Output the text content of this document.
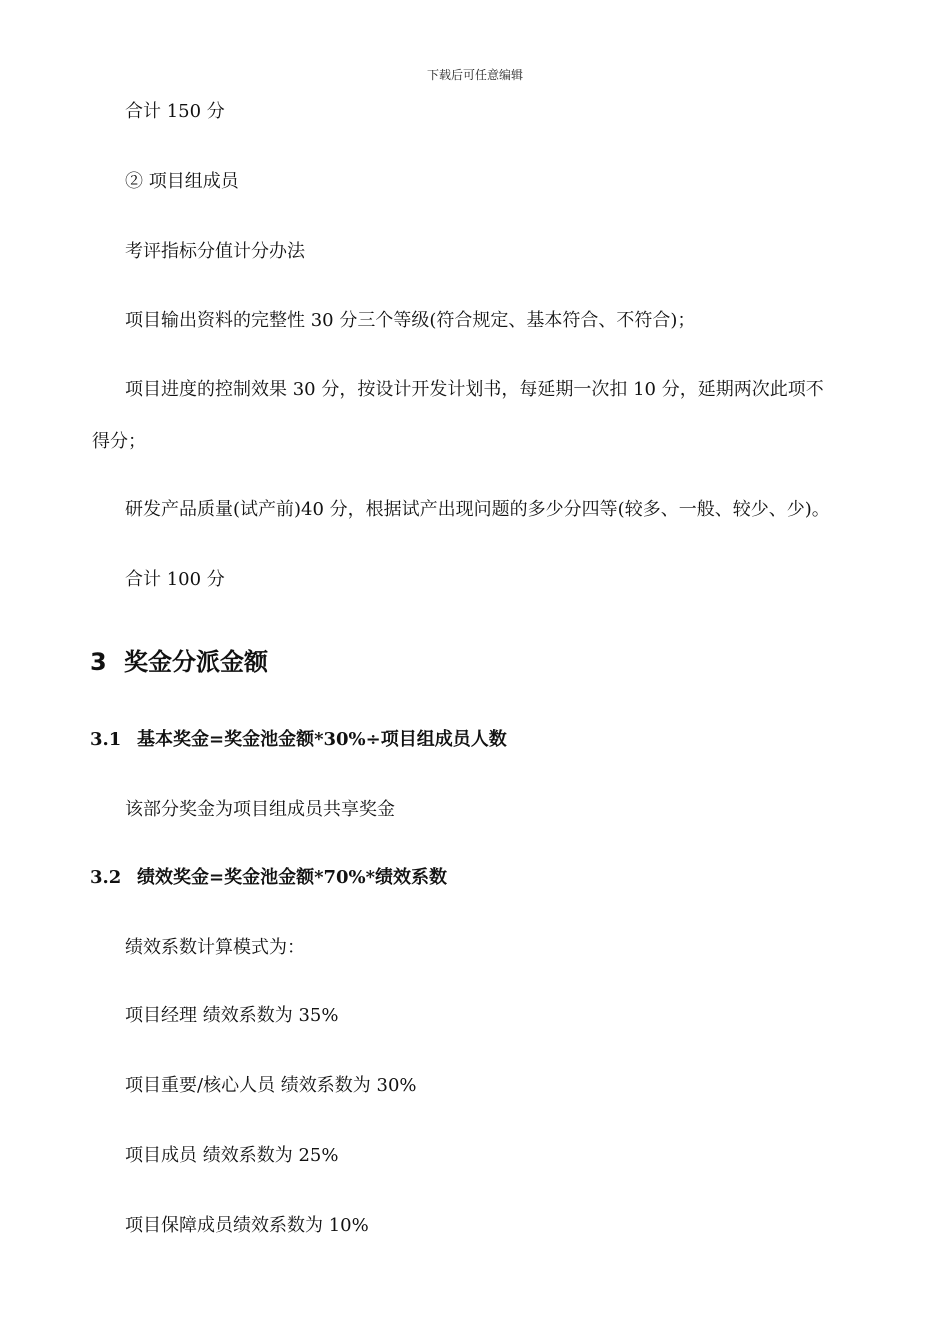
下载后可任意编辑
合计 150 分
② 项目组成员
考评指标分值计分办法
项目输出资料的完整性 30 分三个等级(符合规定、基本符合、不符合)；
项目进度的控制效果 30 分，按设计开发计划书，每延期一次扣 10 分，延期两次此项不
得分；
研发产品质量(试产前)40 分，根据试产出现问题的多少分四等(较多、一般、较少、少)。
合计 100 分
3 奖金分派金额
3.1 基本奖金=奖金池金额*30%÷项目组成员人数
该部分奖金为项目组成员共享奖金
3.2 绩效奖金=奖金池金额*70%*绩效系数
绩效系数计算模式为：
项目经理 绩效系数为 35%
项目重要/核心人员 绩效系数为 30%
项目成员 绩效系数为 25%
项目保障成员绩效系数为 10%
